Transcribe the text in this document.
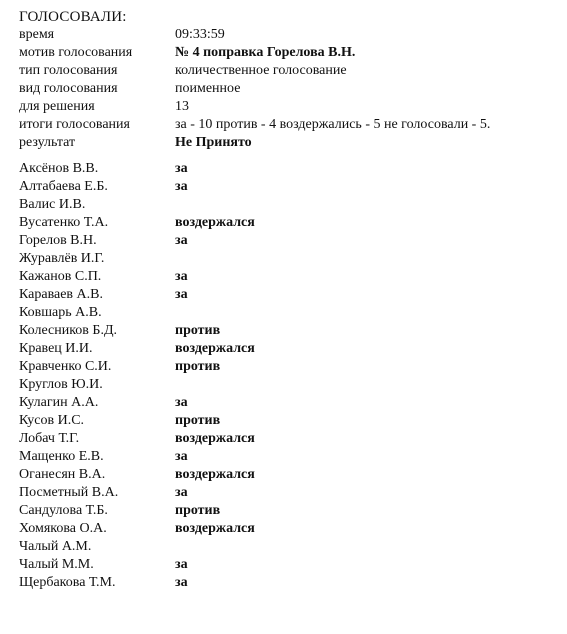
ГОЛОСОВАЛИ:
время	09:33:59
мотив голосования	№ 4 поправка Горелова В.Н.
тип голосования	количественное голосование
вид голосования	поименное
для решения	13
итоги голосования	за - 10 против - 4 воздержались - 5 не голосовали - 5.
результат	Не Принято
Аксёнов В.В.	за
Алтабаева Е.Б.	за
Валис И.В.
Вусатенко Т.А.	воздержался
Горелов В.Н.	за
Журавлёв И.Г.
Кажанов С.П.	за
Караваев А.В.	за
Ковшарь А.В.
Колесников Б.Д.	против
Кравец И.И.	воздержался
Кравченко С.И.	против
Круглов Ю.И.
Кулагин А.А.	за
Кусов И.С.	против
Лобач Т.Г.	воздержался
Мащенко Е.В.	за
Оганесян В.А.	воздержался
Посметный В.А.	за
Сандулова Т.Б.	против
Хомякова О.А.	воздержался
Чалый А.М.
Чалый М.М.	за
Щербакова Т.М.	за
